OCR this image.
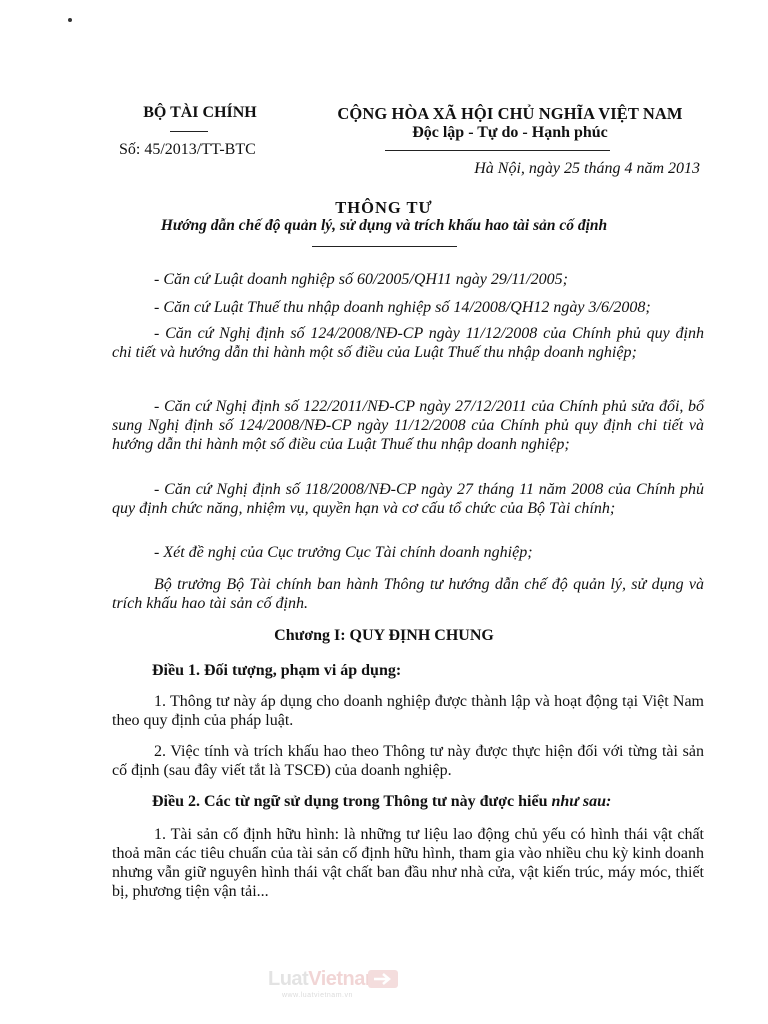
BỘ TÀI CHÍNH
Số: 45/2013/TT-BTC
CỘNG HÒA XÃ HỘI CHỦ NGHĨA VIỆT NAM
Độc lập - Tự do - Hạnh phúc
Hà Nội, ngày 25 tháng 4 năm 2013
THÔNG TƯ
Hướng dẫn chế độ quản lý, sử dụng và trích khấu hao tài sản cố định
- Căn cứ Luật doanh nghiệp số 60/2005/QH11 ngày 29/11/2005;
- Căn cứ Luật Thuế thu nhập doanh nghiệp số 14/2008/QH12 ngày 3/6/2008;
- Căn cứ Nghị định số 124/2008/NĐ-CP ngày 11/12/2008 của Chính phủ quy định chi tiết và hướng dẫn thi hành một số điều của Luật Thuế thu nhập doanh nghiệp;
- Căn cứ Nghị định số 122/2011/NĐ-CP ngày 27/12/2011 của Chính phủ sửa đổi, bổ sung Nghị định số 124/2008/NĐ-CP ngày 11/12/2008 của Chính phủ quy định chi tiết và hướng dẫn thi hành một số điều của Luật Thuế thu nhập doanh nghiệp;
- Căn cứ Nghị định số 118/2008/NĐ-CP ngày 27 tháng 11 năm 2008 của Chính phủ quy định chức năng, nhiệm vụ, quyền hạn và cơ cấu tổ chức của Bộ Tài chính;
- Xét đề nghị của Cục trưởng Cục Tài chính doanh nghiệp;
Bộ trưởng Bộ Tài chính ban hành Thông tư hướng dẫn chế độ quản lý, sử dụng và trích khấu hao tài sản cố định.
Chương I: QUY ĐỊNH CHUNG
Điều 1. Đối tượng, phạm vi áp dụng:
1. Thông tư này áp dụng cho doanh nghiệp được thành lập và hoạt động tại Việt Nam theo quy định của pháp luật.
2. Việc tính và trích khấu hao theo Thông tư này được thực hiện đối với từng tài sản cố định (sau đây viết tắt là TSCĐ) của doanh nghiệp.
Điều 2. Các từ ngữ sử dụng trong Thông tư này được hiểu như sau:
1. Tài sản cố định hữu hình: là những tư liệu lao động chủ yếu có hình thái vật chất thoả mãn các tiêu chuẩn của tài sản cố định hữu hình, tham gia vào nhiều chu kỳ kinh doanh nhưng vẫn giữ nguyên hình thái vật chất ban đầu như nhà cửa, vật kiến trúc, máy móc, thiết bị, phương tiện vận tải...
LuatVietnam
www.luatvietnam.vn
